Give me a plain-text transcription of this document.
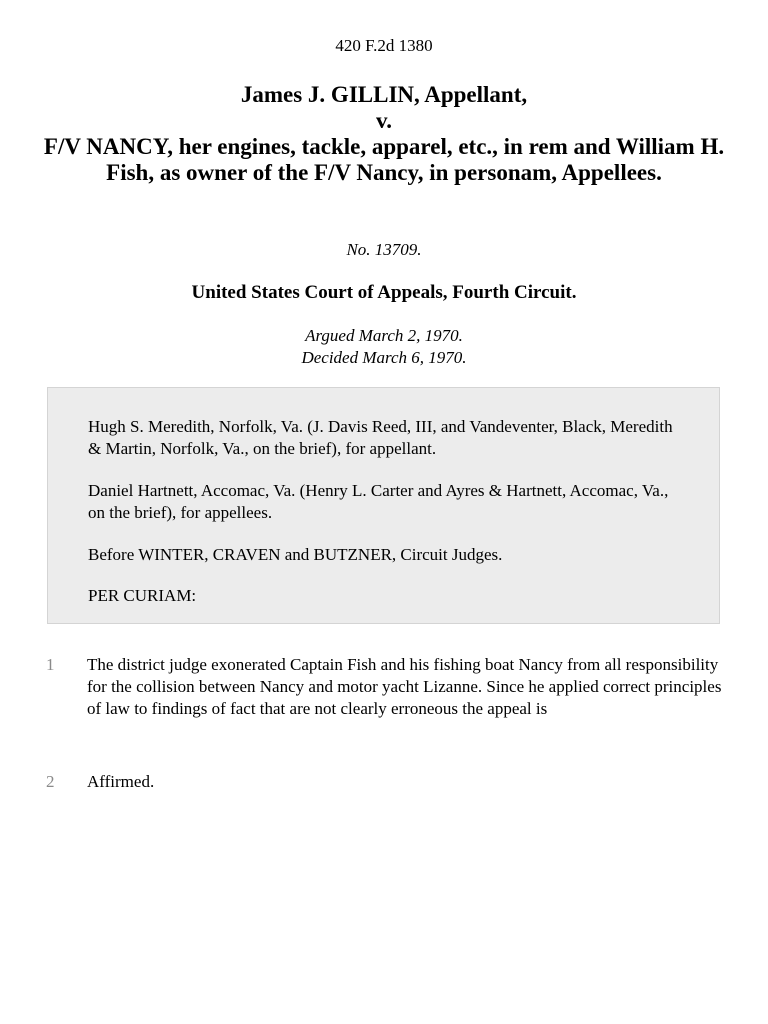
420 F.2d 1380
James J. GILLIN, Appellant,
v.
F/V NANCY, her engines, tackle, apparel, etc., in rem and William H. Fish, as owner of the F/V Nancy, in personam, Appellees.
No. 13709.
United States Court of Appeals, Fourth Circuit.
Argued March 2, 1970.
Decided March 6, 1970.

Hugh S. Meredith, Norfolk, Va. (J. Davis Reed, III, and Vandeventer, Black, Meredith & Martin, Norfolk, Va., on the brief), for appellant.

Daniel Hartnett, Accomac, Va. (Henry L. Carter and Ayres & Hartnett, Accomac, Va., on the brief), for appellees.

Before WINTER, CRAVEN and BUTZNER, Circuit Judges.

PER CURIAM:

1 The district judge exonerated Captain Fish and his fishing boat Nancy from all responsibility for the collision between Nancy and motor yacht Lizanne. Since he applied correct principles of law to findings of fact that are not clearly erroneous the appeal is

2 Affirmed.
